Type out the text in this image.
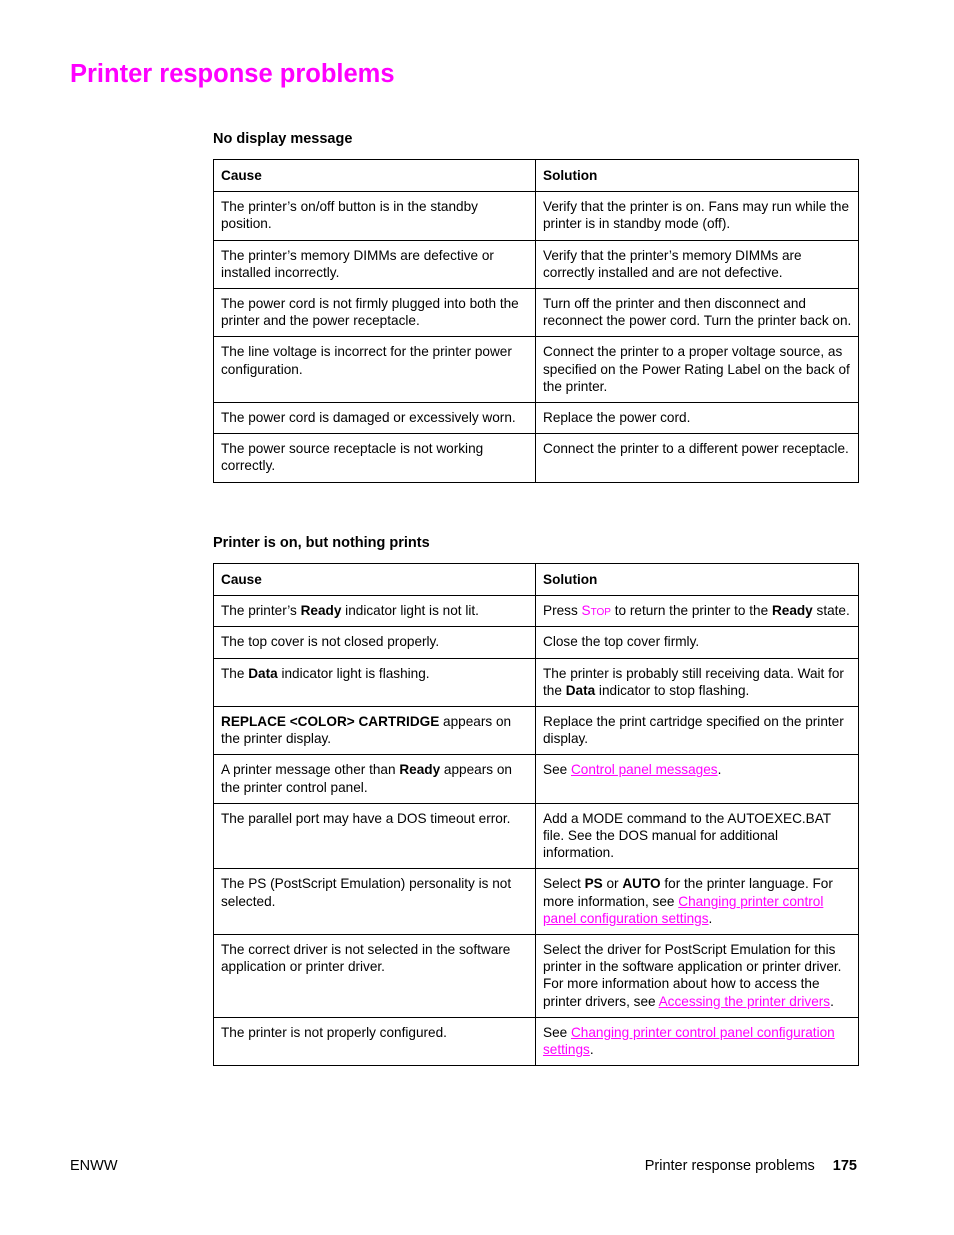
Printer response problems
No display message
Cause	Solution
The printer’s on/off button is in the standby position.	Verify that the printer is on. Fans may run while the printer is in standby mode (off).
The printer’s memory DIMMs are defective or installed incorrectly.	Verify that the printer’s memory DIMMs are correctly installed and are not defective.
The power cord is not firmly plugged into both the printer and the power receptacle.	Turn off the printer and then disconnect and reconnect the power cord. Turn the printer back on.
The line voltage is incorrect for the printer power configuration.	Connect the printer to a proper voltage source, as specified on the Power Rating Label on the back of the printer.
The power cord is damaged or excessively worn.	Replace the power cord.
The power source receptacle is not working correctly.	Connect the printer to a different power receptacle.
Printer is on, but nothing prints
Cause	Solution
The printer’s Ready indicator light is not lit.	Press Stop to return the printer to the Ready state.
The top cover is not closed properly.	Close the top cover firmly.
The Data indicator light is flashing.	The printer is probably still receiving data. Wait for the Data indicator to stop flashing.
REPLACE <COLOR> CARTRIDGE appears on the printer display.	Replace the print cartridge specified on the printer display.
A printer message other than Ready appears on the printer control panel.	See Control panel messages.
The parallel port may have a DOS timeout error.	Add a MODE command to the AUTOEXEC.BAT file. See the DOS manual for additional information.
The PS (PostScript Emulation) personality is not selected.	Select PS or AUTO for the printer language. For more information, see Changing printer control panel configuration settings.
The correct driver is not selected in the software application or printer driver.	Select the driver for PostScript Emulation for this printer in the software application or printer driver. For more information about how to access the printer drivers, see Accessing the printer drivers.
The printer is not properly configured.	See Changing printer control panel configuration settings.
ENWW	Printer response problems 175
